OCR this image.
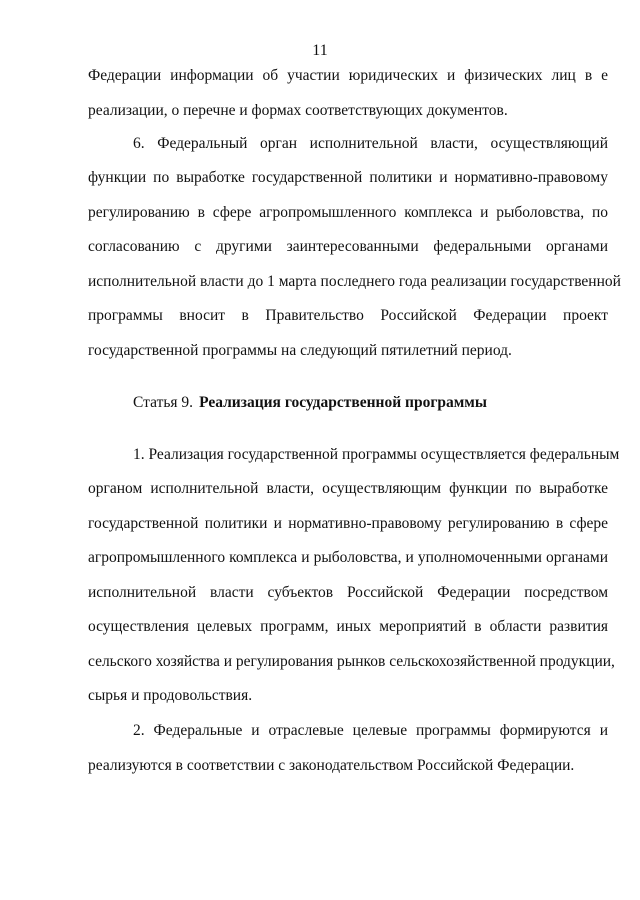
11
Федерации информации об участии юридических и физических лиц в е
реализации, о перечне и формах соответствующих документов.
6. Федеральный орган исполнительной власти, осуществляющий
функции по выработке государственной политики и нормативно-правовому
регулированию в сфере агропромышленного комплекса и рыболовства, по
согласованию с другими заинтересованными федеральными органами
исполнительной власти до 1 марта последнего года реализации государственной
программы вносит в Правительство Российской Федерации проект
государственной программы на следующий пятилетний период.
Статья 9. Реализация государственной программы
1. Реализация государственной программы осуществляется федеральным
органом исполнительной власти, осуществляющим функции по выработке
государственной политики и нормативно-правовому регулированию в сфере
агропромышленного комплекса и рыболовства, и уполномоченными органами
исполнительной власти субъектов Российской Федерации посредством
осуществления целевых программ, иных мероприятий в области развития
сельского хозяйства и регулирования рынков сельскохозяйственной продукции,
сырья и продовольствия.
2. Федеральные и отраслевые целевые программы формируются и
реализуются в соответствии с законодательством Российской Федерации.
